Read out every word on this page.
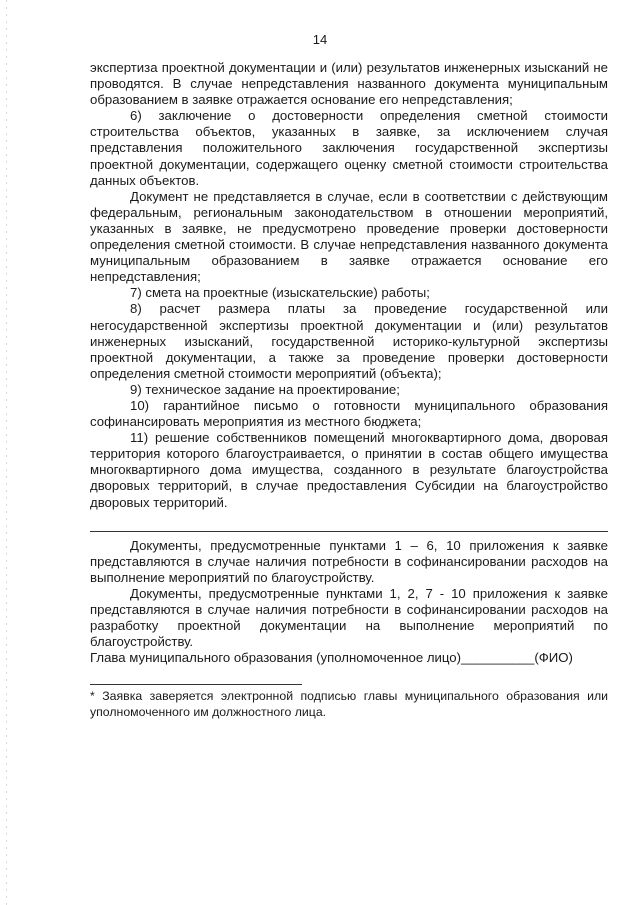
14

экспертиза проектной документации и (или) результатов инженерных изысканий не проводятся. В случае непредставления названного документа муниципальным образованием в заявке отражается основание его непредставления;

6) заключение о достоверности определения сметной стоимости строительства объектов, указанных в заявке, за исключением случая представления положительного заключения государственной экспертизы проектной документации, содержащего оценку сметной стоимости строительства данных объектов.

Документ не представляется в случае, если в соответствии с действующим федеральным, региональным законодательством в отношении мероприятий, указанных в заявке, не предусмотрено проведение проверки достоверности определения сметной стоимости. В случае непредставления названного документа муниципальным образованием в заявке отражается основание его непредставления;

7) смета на проектные (изыскательские) работы;

8) расчет размера платы за проведение государственной или негосударственной экспертизы проектной документации и (или) результатов инженерных изысканий, государственной историко-культурной экспертизы проектной документации, а также за проведение проверки достоверности определения сметной стоимости мероприятий (объекта);

9) техническое задание на проектирование;

10) гарантийное письмо о готовности муниципального образования софинансировать мероприятия из местного бюджета;

11) решение собственников помещений многоквартирного дома, дворовая территория которого благоустраивается, о принятии в состав общего имущества многоквартирного дома имущества, созданного в результате благоустройства дворовых территорий, в случае предоставления Субсидии на благоустройство дворовых территорий.

Документы, предусмотренные пунктами 1 – 6, 10 приложения к заявке представляются в случае наличия потребности в софинансировании расходов на выполнение мероприятий по благоустройству.

Документы, предусмотренные пунктами 1, 2, 7 - 10 приложения к заявке представляются в случае наличия потребности в софинансировании расходов на разработку проектной документации на выполнение мероприятий по благоустройству.

Глава муниципального образования (уполномоченное лицо)__________(ФИО)

* Заявка заверяется электронной подписью главы муниципального образования или уполномоченного им должностного лица.
